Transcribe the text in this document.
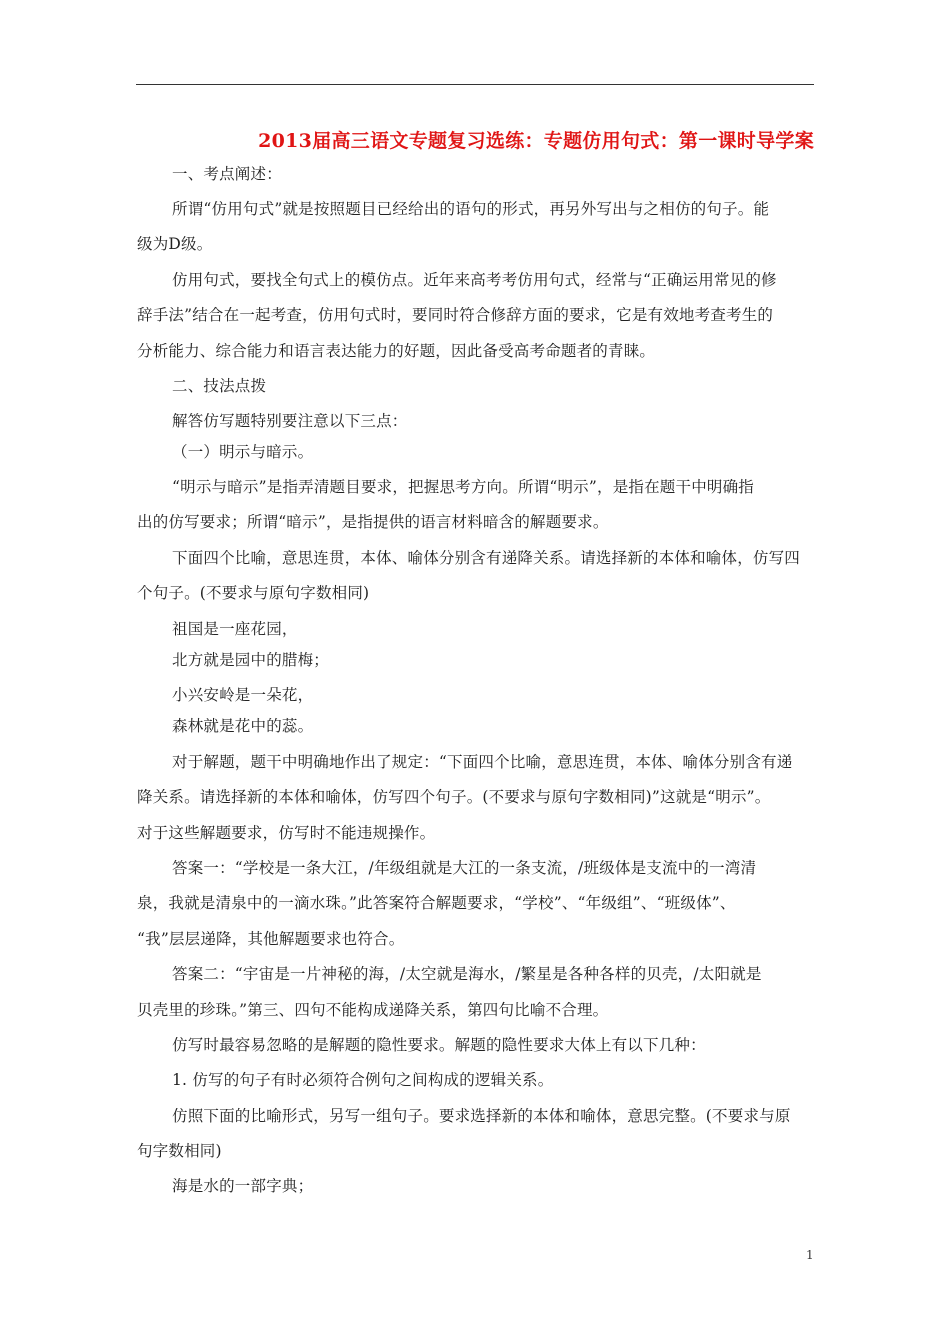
2013届高三语文专题复习选练：专题仿用句式：第一课时导学案
一、考点阐述：
所谓“仿用句式”就是按照题目已经给出的语句的形式，再另外写出与之相仿的句子。能
级为D级。
仿用句式，要找全句式上的模仿点。近年来高考考仿用句式，经常与“正确运用常见的修
辞手法”结合在一起考查，仿用句式时，要同时符合修辞方面的要求，它是有效地考查考生的
分析能力、综合能力和语言表达能力的好题，因此备受高考命题者的青睐。
二、技法点拨
解答仿写题特别要注意以下三点：
（一）明示与暗示。
“明示与暗示”是指弄清题目要求，把握思考方向。所谓“明示”，是指在题干中明确指
出的仿写要求；所谓“暗示”，是指提供的语言材料暗含的解题要求。
下面四个比喻，意思连贯，本体、喻体分别含有递降关系。请选择新的本体和喻体，仿写四
个句子。(不要求与原句字数相同)
祖国是一座花园，
北方就是园中的腊梅；
小兴安岭是一朵花，
森林就是花中的蕊。
对于解题，题干中明确地作出了规定：“下面四个比喻，意思连贯，本体、喻体分别含有递
降关系。请选择新的本体和喻体，仿写四个句子。(不要求与原句字数相同)”这就是“明示”。
对于这些解题要求，仿写时不能违规操作。
答案一：“学校是一条大江，/年级组就是大江的一条支流，/班级体是支流中的一湾清
泉，我就是清泉中的一滴水珠。”此答案符合解题要求，“学校”、“年级组”、“班级体”、
“我”层层递降，其他解题要求也符合。
答案二：“宇宙是一片神秘的海，/太空就是海水，/繁星是各种各样的贝壳，/太阳就是
贝壳里的珍珠。”第三、四句不能构成递降关系，第四句比喻不合理。
仿写时最容易忽略的是解题的隐性要求。解题的隐性要求大体上有以下几种：
1. 仿写的句子有时必须符合例句之间构成的逻辑关系。
仿照下面的比喻形式，另写一组句子。要求选择新的本体和喻体，意思完整。(不要求与原
句字数相同)
海是水的一部字典；
1
